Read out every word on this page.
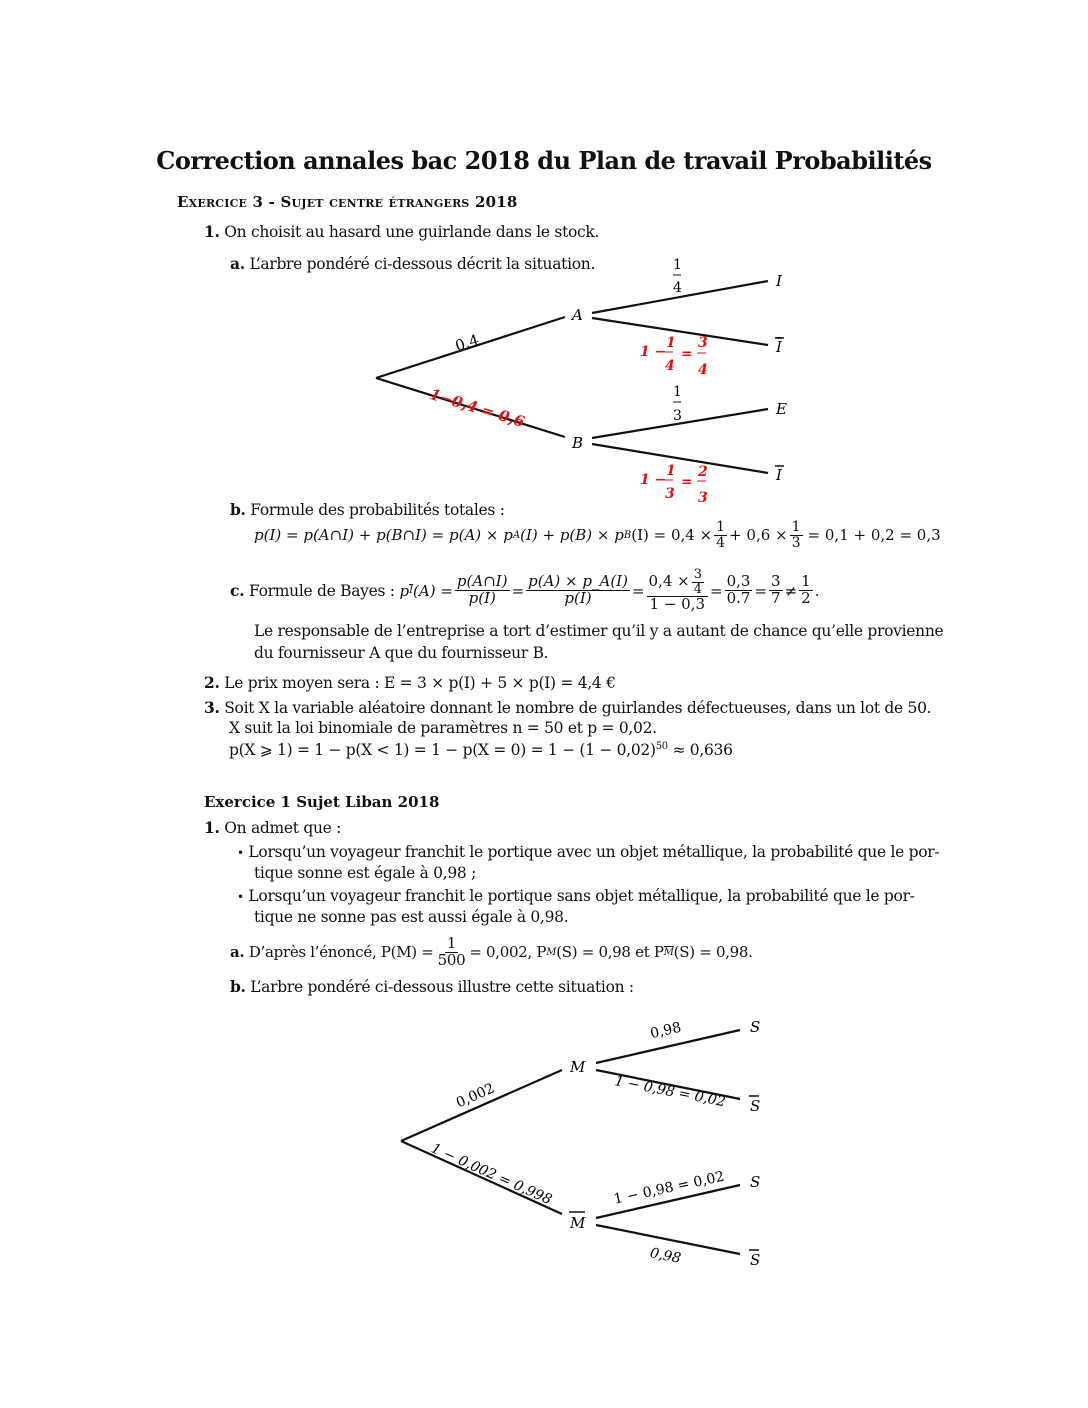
Correction annales bac 2018 du Plan de travail Probabilités
Exercice 3 - Sujet centre étrangers 2018
1. On choisit au hasard une guirlande dans le stock.
a. L’arbre pondéré ci-dessous décrit la situation.
A
B
I
I
E
I
0,4
1−0,4 = 0,6
1
4
1 −
1
4
=
3
4
1
3
1 −
1
3
=
2
3
b. Formule des probabilités totales :
p(I) = p(A∩I) + p(B∩I) = p(A) × p A (I) + p(B) × p B $(I) = 0,4 \times \frac{1}{4} + 0,6 \times \frac{1}{3} = 0,1 + 0,2 = 0,3$
c.
Formule de Bayes :
p $\overline{I}$ $(A) = \frac{p(A\cap I)}{p(I)} = \frac{p(A) \times p\_A(I)}{p(I)} = \frac{0,4 \times \frac{3}{4}}{1 - 0,3} = \frac{0,3}{0.7} = \frac{3}{7} \ne \frac{1}{2}$ .
Le responsable de l’entreprise a tort d’estimer qu’il y a autant de chance qu’elle provienne
du fournisseur A que du fournisseur B.
2. Le prix moyen sera : E = 3 × p(I) + 5 × p(I) = 4,4 €
3. Soit X la variable aléatoire donnant le nombre de guirlandes défectueuses, dans un lot de 50.
X suit la loi binomiale de paramètres n = 50 et p = 0,02.
p(X ⩾ $1) = 1 - p(X < 1) = 1 - p(X = 0) = 1 - (1 - 0,02)^{50} \approx 0,636$
Exercice 1 Sujet Liban 2018
1. On admet que :
• Lorsqu’un voyageur franchit le portique avec un objet métallique, la probabilité que le por-
tique sonne est égale à 0,98 ;
• Lorsqu’un voyageur franchit le portique sans objet métallique, la probabilité que le por-
tique ne sonne pas est aussi égale à 0,98.
a.
D’après l’énoncé, $P(M) = \frac{1}{500} = 0,002$, P M (S) = 0,98 et P $\overline{M}$ (S) = 0,98.
b. L’arbre pondéré ci-dessous illustre cette situation :
M
M
S
S
S
S
0,002
1 − 0,002 = 0,998
0,98
1 − 0,98 = 0,02
1 − 0,98 = 0,02
0,98
